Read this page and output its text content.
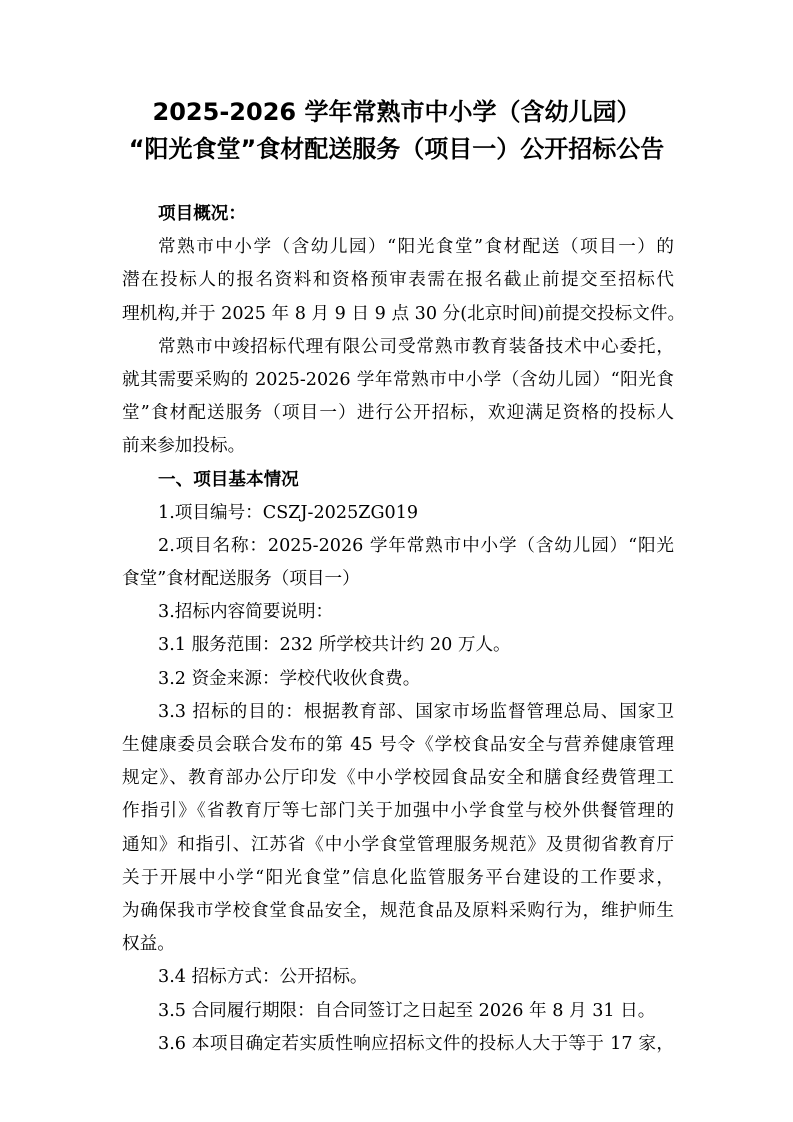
2025-2026 学年常熟市中小学（含幼儿园）
“阳光食堂”食材配送服务（项目一）公开招标公告
项目概况：
常熟市中小学（含幼儿园）“阳光食堂”食材配送（项目一）的
潜在投标人的报名资料和资格预审表需在报名截止前提交至招标代
理机构,并于 2025 年 8 月 9 日 9 点 30 分(北京时间)前提交投标文件。
常熟市中竣招标代理有限公司受常熟市教育装备技术中心委托，
就其需要采购的 2025-2026 学年常熟市中小学（含幼儿园）“阳光食
堂”食材配送服务（项目一）进行公开招标，欢迎满足资格的投标人
前来参加投标。
一、项目基本情况
1.项目编号：CSZJ-2025ZG019
2.项目名称：2025-2026 学年常熟市中小学（含幼儿园）“阳光
食堂”食材配送服务（项目一）
3.招标内容简要说明：
3.1 服务范围：232 所学校共计约 20 万人。
3.2 资金来源：学校代收伙食费。
3.3 招标的目的：根据教育部、国家市场监督管理总局、国家卫
生健康委员会联合发布的第 45 号令《学校食品安全与营养健康管理
规定》、教育部办公厅印发《中小学校园食品安全和膳食经费管理工
作指引》《省教育厅等七部门关于加强中小学食堂与校外供餐管理的
通知》和指引、江苏省《中小学食堂管理服务规范》及贯彻省教育厅
关于开展中小学“阳光食堂”信息化监管服务平台建设的工作要求，
为确保我市学校食堂食品安全，规范食品及原料采购行为，维护师生
权益。
3.4 招标方式：公开招标。
3.5 合同履行期限：自合同签订之日起至 2026 年 8 月 31 日。
3.6 本项目确定若实质性响应招标文件的投标人大于等于 17 家，
